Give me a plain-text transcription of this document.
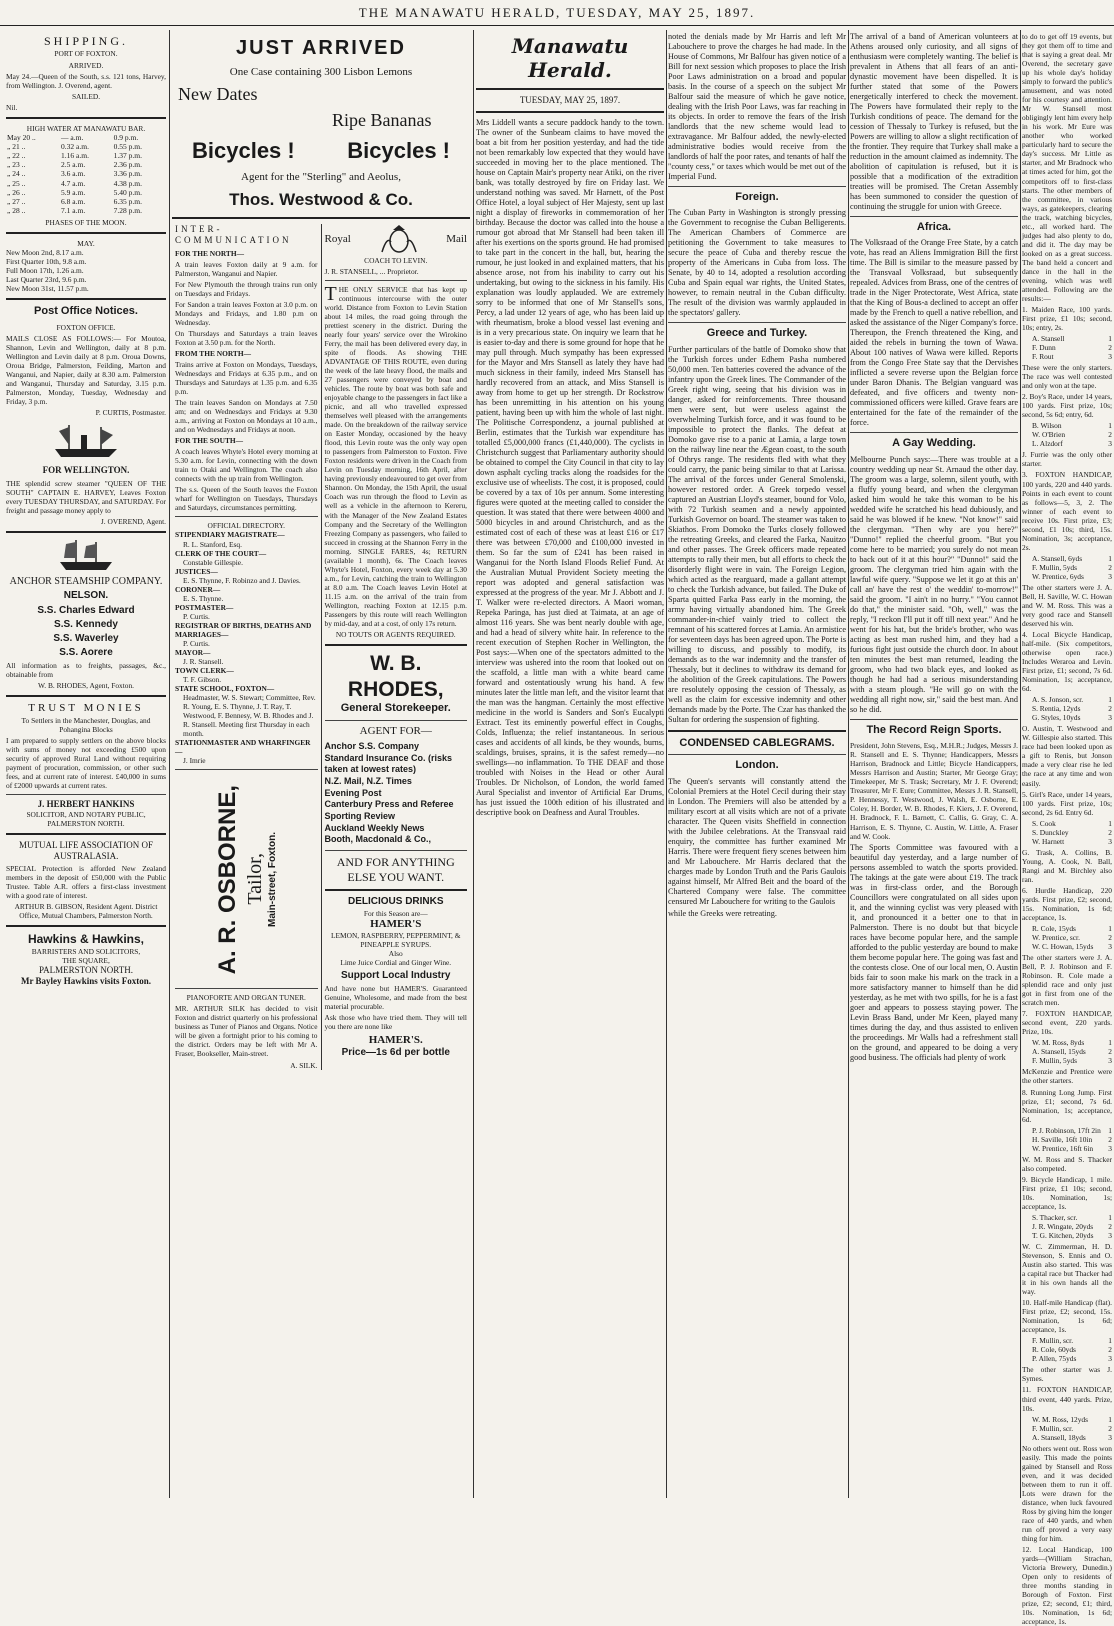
THE MANAWATU HERALD, TUESDAY, MAY 25, 1897.
SHIPPING.
PORT OF FOXTON.
ARRIVED.

May 24.—Queen of the South, s.s. 121 tons, Harvey, from Wellington. J. Overend, agent.

SAILED.

Nil.

HIGH WATER AT MANAWATU BAR.
May 20 ..	— a.m.	0.9 p.m.
„ 21 ..	0.32 a.m.	0.55 p.m.
„ 22 ..	1.16 a.m.	1.37 p.m.
„ 23 ..	2.5 a.m.	2.36 p.m.
„ 24 ..	3.6 a.m.	3.36 p.m.
„ 25 ..	4.7 a.m.	4.38 p.m.
„ 26 ..	5.9 a.m.	5.40 p.m.
„ 27 ..	6.8 a.m.	6.35 p.m.
„ 28 ..	7.1 a.m.	7.28 p.m.
PHASES OF THE MOON.
MAY.
New Moon 2nd, 8.17 a.m.
First Quarter 10th, 9.8 a.m.
Full Moon 17th, 1.26 a.m.
Last Quarter 23rd, 9.6 p.m.
New Moon 31st, 11.57 p.m.
Post Office Notices.
FOXTON OFFICE.

MAILS CLOSE AS FOLLOWS:— For Moutoa, Shannon, Levin and Wellington, daily at 8 p.m. Wellington and Levin daily at 8 p.m. Oroua Downs, Oroua Bridge, Palmerston, Feilding, Marton and Wanganui, and Napier, daily at 8.30 a.m. Palmerston and Wanganui, Thursday and Saturday, 3.15 p.m. Palmerston, Monday, Tuesday, Wednesday and Friday, 3 p.m.

P. CURTIS, Postmaster.
FOR WELLINGTON.

THE splendid screw steamer "QUEEN OF THE SOUTH" CAPTAIN E. HARVEY, Leaves Foxton every TUESDAY THURSDAY, and SATURDAY. For freight and passage money apply to

J. OVEREND, Agent.
ANCHOR STEAMSHIP COMPANY.
NELSON.
S.S. Charles Edward
S.S. Kennedy
S.S. Waverley
S.S. Aorere

All information as to freights, passages, &c., obtainable from

W. B. RHODES, Agent, Foxton.
TRUST MONIES
To Settlers in the Manchester, Douglas, and Pohangina Blocks

I am prepared to supply settlers on the above blocks with sums of money not exceeding £500 upon security of approved Rural Land without requiring payment of procuration, commission, or other such fees, and at current rate of interest. £40,000 in sums of £2000 upwards at current rates.

J. HERBERT HANKINS
SOLICITOR, AND NOTARY PUBLIC, PALMERSTON NORTH.
MUTUAL LIFE ASSOCIATION OF AUSTRALASIA.

SPECIAL Protection is afforded New Zealand members in the deposit of £50,000 with the Public Trustee. Table A.R. offers a first-class investment with a good rate of interest.

ARTHUR B. GIBSON, Resident Agent. District Office, Mutual Chambers, Palmerston North.
Hawkins & Hawkins,
BARRISTERS AND SOLICITORS,
THE SQUARE,
PALMERSTON NORTH.
Mr Bayley Hawkins visits Foxton.
JUST ARRIVED
One Case containing 300 Lisbon Lemons
New Dates
Ripe Bananas
Bicycles ! Bicycles !
Agent for the "Sterling" and Aeolus,
Thos. Westwood & Co.
INTER-COMMUNICATION
FOR THE NORTH—

A train leaves Foxton daily at 9 a.m. for Palmerston, Wanganui and Napier.

For New Plymouth the through trains run only on Tuesdays and Fridays.

For Sandon a train leaves Foxton at 3.0 p.m. on Mondays and Fridays, and 1.80 p.m on Wednesday.

On Thursdays and Saturdays a train leaves Foxton at 3.50 p.m. for the North.

FROM THE NORTH—

Trains arrive at Foxton on Mondays, Tuesdays, Wednesdays and Fridays at 6.35 p.m., and on Thursdays and Saturdays at 1.35 p.m. and 6.35 p.m.

The train leaves Sandon on Mondays at 7.50 am; and on Wednesdays and Fridays at 9.30 a.m., arriving at Foxton on Mondays at 10 a.m., and on Wednesdays and Fridays at noon.

FOR THE SOUTH—

A coach leaves Whyte's Hotel every morning at 5.30 a.m. for Levin, connecting with the down train to Otaki and Wellington. The coach also connects with the up train from Wellington.

The s.s. Queen of the South leaves the Foxton wharf for Wellington on Tuesdays, Thursdays and Saturdays, circumstances permitting.

OFFICIAL DIRECTORY.
STIPENDIARY MAGISTRATE—
R. L. Stanford, Esq.
CLERK OF THE COURT—
Constable Gillespie.
JUSTICES—
E. S. Thynne, F. Robinzo and J. Davies.
CORONER—
E. S. Thynne.
POSTMASTER—
P. Curtis.
REGISTRAR OF BIRTHS, DEATHS AND MARRIAGES—
P. Curtis.
MAYOR—
J. R. Stansell.
TOWN CLERK—
T. F. Gibson.
STATE SCHOOL, FOXTON—
Headmaster, W. S. Stewart; Committee, Rev. R. Young, E. S. Thynne, J. T. Ray, T. Westwood, F. Bennesy, W. B. Rhodes and J. R. Stansell. Meeting first Thursday in each month.
STATIONMASTER AND WHARFINGER—
J. Imrie
A. R. OSBORNE, Tailor, Main-street, Foxton.
PIANOFORTE AND ORGAN TUNER.

MR. ARTHUR SILK has decided to visit Foxton and district quarterly on his professional business as Tuner of Pianos and Organs. Notice will be given a fortnight prior to his coming to the district. Orders may be left with Mr A. Fraser, Bookseller, Main-street.

A. SILK.
Royal	Mail
COACH TO LEVIN.
J. R. STANSELL, ... Proprietor.

THE ONLY SERVICE that has kept up continuous intercourse with the outer world. Distance from Foxton to Levin Station about 14 miles, the road going through the prettiest scenery in the district. During the nearly four years' service over the Wirokino Ferry, the mail has been delivered every day, in spite of floods. As showing THE ADVANTAGE OF THIS ROUTE, even during the week of the late heavy flood, the mails and 27 passengers were conveyed by boat and vehicles. The route by boat was both safe and enjoyable change to the passengers in fact like a picnic, and all who travelled expressed themselves well pleased with the arrangements made. On the breakdown of the railway service on Easter Monday, occasioned by the heavy flood, this Levin route was the only way open to passengers from Palmerston to Foxton. Five Foxton residents were driven in the Coach from Levin on Tuesday morning, 16th April, after having previously endeavoured to get over from Shannon. On Monday, the 15th April, the usual Coach was run through the flood to Levin as well as a vehicle in the afternoon to Kereru, with the Manager of the New Zealand Estates Company and the Secretary of the Wellington Freezing Company as passengers, who failed to succeed in crossing at the Shannon Ferry in the morning. SINGLE FARES, 4s; RETURN (available 1 month), 6s. The Coach leaves Whyte's Hotel, Foxton, every week day at 5.30 a.m., for Levin, catching the train to Wellington at 8.0 a.m. The Coach leaves Levin Hotel at 11.15 a.m. on the arrival of the train from Wellington, reaching Foxton at 12.15 p.m. Passengers by this route will reach Wellington by mid-day, and at a cost, of only 17s return.

NO TOUTS OR AGENTS REQUIRED.
W. B. RHODES,
General Storekeeper.
AGENT FOR—
Anchor S.S. Company
Standard Insurance Co. (risks taken at lowest rates)
N.Z. Mail, N.Z. Times
Evening Post
Canterbury Press and Referee
Sporting Review
Auckland Weekly News
Booth, Macdonald & Co.,
AND FOR ANYTHING ELSE YOU WANT.
DELICIOUS DRINKS
For this Season are—
HAMER'S
LEMON, RASPBERRY, PEPPERMINT, & PINEAPPLE SYRUPS.
Also
Lime Juice Cordial and Ginger Wine.
Support Local Industry

And have none but HAMER'S. Guaranteed Genuine, Wholesome, and made from the best material procurable.

Ask those who have tried them. They will tell you there are none like

HAMER'S.
Price—1s 6d per bottle
Manawatu Herald.
TUESDAY, MAY 25, 1897.

Mrs Liddell wants a secure paddock handy to the town. The owner of the Sunbeam claims to have moved the boat a bit from her position yesterday, and had the tide not been remarkably low expected that they would have succeeded in moving her to the place mentioned. The house on Captain Mair's property near Atiki, on the river bank, was totally destroyed by fire on Friday last. We understand nothing was saved. Mr Harnett, of the Post Office Hotel, a loyal subject of Her Majesty, sent up last night a display of fireworks in commemoration of her birthday. Because the doctor was called into the house a rumour got abroad that Mr Stansell had been taken ill after his exertions on the sports ground. He had promised to take part in the concert in the hall, but, hearing the rumour, he just looked in and explained matters, that his absence arose, not from his inability to carry out his undertaking, but owing to the sickness in his family. His explanation was loudly applauded. We are extremely sorry to be informed that one of Mr Stansell's sons, Percy, a lad under 12 years of age, who has been laid up with rheumatism, broke a blood vessel last evening and is in a very precarious state. On inquiry we learn that he is easier to-day and there is some ground for hope that he may pull through. Much sympathy has been expressed for the Mayor and Mrs Stansell as lately they have had much sickness in their family, indeed Mrs Stansell has hardly recovered from an attack, and Miss Stansell is away from home to get up her strength. Dr Rockstrow has been unremitting in his attention on his young patient, having been up with him the whole of last night. The Politische Correspondenz, a journal published at Berlin, estimates that the Turkish war expenditure has totalled £5,000,000 francs (£1,440,000). The cyclists in Christchurch suggest that Parliamentary authority should be obtained to compel the City Council in that city to lay down asphalt cycling tracks along the roadsides for the exclusive use of wheelists. The cost, it is proposed, could be covered by a tax of 10s per annum. Some interesting figures were quoted at the meeting called to consider the question. It was stated that there were between 4000 and 5000 bicycles in and around Christchurch, and as the estimated cost of each of these was at least £16 or £17 there was between £70,000 and £100,000 invested in them. So far the sum of £241 has been raised in Wanganui for the North Island Floods Relief Fund. At the Australian Mutual Provident Society meeting the report was adopted and general satisfaction was expressed at the progress of the year. Mr J. Abbott and J. T. Walker were re-elected directors. A Maori woman, Repeka Paringa, has just died at Taimata, at an age of almost 116 years. She was bent nearly double with age, and had a head of silvery white hair. In reference to the recent execution of Stephen Rocher in Wellington, the Post says:—When one of the spectators admitted to the interview was ushered into the room that looked out on the scaffold, a little man with a white beard came forward and ostentatiously wrung his hand. A few minutes later the little man left, and the visitor learnt that the man was the hangman. Certainly the most effective medicine in the world is Sanders and Son's Eucalypti Extract. Test its eminently powerful effect in Coughs, Colds, Influenza; the relief instantaneous. In serious cases and accidents of all kinds, be they wounds, burns, scaldings, bruises, sprains, it is the safest remedy—no swellings—no inflammation. To THE DEAF and those troubled with Noises in the Head or other Aural Troubles. Dr Nicholson, of London, the world famed Aural Specialist and inventor of Artificial Ear Drums, has just issued the 100th edition of his illustrated and descriptive book on Deafness and Aural Troubles.

noted the denials made by Mr Harris and left Mr Labouchere to prove the charges he had made. In the House of Commons, Mr Balfour has given notice of a Bill for next session which proposes to place the Irish Poor Laws administration on a broad and popular basis. In the course of a speech on the subject Mr Balfour said the measure of which he gave notice, dealing with the Irish Poor Laws, was far reaching in its objects. In order to remove the fears of the Irish landlords that the new scheme would lead to extravagance. Mr Balfour added, the newly-elected administrative bodies would receive from the landlords of half the poor rates, and tenants of half the "county cess," or taxes which would be met out of the Imperial Fund.

Foreign.

The Cuban Party in Washington is strongly pressing the Government to recognise the Cuban Belligerents. The American Chambers of Commerce are petitioning the Government to take measures to secure the peace of Cuba and thereby rescue the property of the Americans in Cuba from loss. The Senate, by 40 to 14, adopted a resolution according Cuba and Spain equal war rights, the United States, however, to remain neutral in the Cuban difficulty. The result of the division was warmly applauded in the spectators' gallery.

Greece and Turkey.

Further particulars of the battle of Domoko show that the Turkish forces under Edhem Pasha numbered 50,000 men. Ten batteries covered the advance of the infantry upon the Greek lines. The Commander of the Greek right wing, seeing that his division was in danger, asked for reinforcements. Three thousand men were sent, but were useless against the overwhelming Turkish force, and it was found to be impossible to protect the flanks. The defeat at Domoko gave rise to a panic at Lamia, a large town on the railway line near the Ægean coast, to the south of Othrys range. The residents fled with what they could carry, the panic being similar to that at Larissa. The arrival of the forces under General Smolenski, however restored order. A Greek torpedo vessel captured an Austrian Lloyd's steamer, bound for Volo, with 72 Turkish seamen and a newly appointed Turkish Governor on board. The steamer was taken to Skiathos. From Domoko the Turks closely followed the retreating Greeks, and cleared the Farka, Nauitzo and other passes. The Greek officers made repeated attempts to rally their men, but all efforts to check the disorderly flight were in vain. The Foreign Legion, which acted as the rearguard, made a gallant attempt to check the Turkish advance, but failed. The Duke of Sparta quitted Farka Pass early in the morning, the army having virtually abandoned him. The Greek commander-in-chief vainly tried to collect the remnant of his scattered forces at Lamia. An armistice for seventeen days has been agreed upon. The Porte is willing to discuss, and possibly to modify, its demands as to the war indemnity and the transfer of Thessaly, but it declines to withdraw its demand for the abolition of the Greek capitulations. The Powers are resolutely opposing the cession of Thessaly, as well as the claim for excessive indemnity and other demands made by the Porte. The Czar has thanked the Sultan for ordering the suspension of fighting.

CONDENSED CABLEGRAMS.
London.

The Queen's servants will constantly attend the Colonial Premiers at the Hotel Cecil during their stay in London. The Premiers will also be attended by a military escort at all visits which are not of a private character. The Queen visits Sheffield in connection with the Jubilee celebrations. At the Transvaal raid enquiry, the committee has further examined Mr Harris. There were frequent fiery scenes between him and Mr Labouchere. Mr Harris declared that the charges made by London Truth and the Paris Gaulois against himself, Mr Alfred Beit and the board of the Chartered Company were false. The committee censured Mr Labouchere for writing to the Gaulois

while the Greeks were retreating.

The arrival of a band of American volunteers at Athens aroused only curiosity, and all signs of enthusiasm were completely wanting. The belief is prevalent in Athens that all fears of an anti-dynastic movement have been dispelled. It is further stated that some of the Powers energetically interfered to check the movement. The Powers have formulated their reply to the Turkish conditions of peace. The demand for the cession of Thessaly to Turkey is refused, but the Powers are willing to allow a slight rectification of the frontier. They require that Turkey shall make a reduction in the amount claimed as indemnity. The abolition of capitulation is refused, but it is possible that a modification of the extradition treaties will be promised. The Cretan Assembly has been summoned to consider the question of continuing the struggle for union with Greece.

Africa.

The Volksraad of the Orange Free State, by a catch vote, has read an Aliens Immigration Bill the first time. The Bill is similar to the measure passed by the Transvaal Volksraad, but subsequently repealed. Advices from Brass, one of the centres of trade in the Niger Protectorate, West Africa, state that the King of Bous-a declined to accept an offer made by the French to quell a native rebellion, and asked the assistance of the Niger Company's force. Thereupon, the French threatened the King, and aided the rebels in burning the town of Wawa. About 100 natives of Wawa were killed. Reports from the Congo Free State say that the Dervishes inflicted a severe reverse upon the Belgian force under Baron Dhanis. The Belgian vanguard was defeated, and five officers and twenty non-commissioned officers were killed. Grave fears are entertained for the fate of the remainder of the force.

A Gay Wedding.

Melbourne Punch says:—There was trouble at a country wedding up near St. Arnaud the other day. The groom was a large, solemn, silent youth, with a fluffy young beard, and when the clergyman asked him would he take this woman to be his wedded wife he scratched his head dubiously, and said he was blowed if he knew. "Not know!" said the clergyman. "Then why are you here?" "Dunno!" replied the cheerful groom. "But you come here to be married; you surely do not mean to back out of it at this hour?" "Dunno!" said the groom. The clergyman tried him again with the lawful wife query. "Suppose we let it go at this an' call an' have the rest o' the weddin' to-morrow!" said the groom. "I ain't in no hurry." "You cannot do that," the minister said. "Oh, well," was the reply, "I reckon I'll put it off till next year." And he went for his hat, but the bride's brother, who was acting as best man rushed him, and they had a furious fight just outside the church door. In about ten minutes the best man returned, leading the groom, who had two black eyes, and looked as though he had had a serious misunderstanding with a steam plough. "He will go on with the wedding all right now, sir," said the best man. And so he did.

The Record Reign Sports.

President, John Stevens, Esq., M.H.R.; Judges, Messrs J. R. Stansell and E. S. Thynne; Handicappers, Messrs Harrison, Bradnock and Little; Bicycle Handicappers, Messrs Harrison and Austin; Starter, Mr George Gray; Timekeeper, Mr S. Trask; Secretary, Mr J. F. Overend; Treasurer, Mr F. Eure; Committee, Messrs J. R. Stansell, P. Hennessy, T. Westwood, J. Walsh, E. Osborne, E. Coley, H. Border, W. B. Rhodes, F. Kiers, J. F. Overend, H. Bradnock, F. L. Barnett, C. Callis, G. Gray, C. A. Harrison, E. S. Thynne, C. Austin, W. Little, A. Fraser and W. Cook.

The Sports Committee was favoured with a beautiful day yesterday, and a large number of persons assembled to watch the sports provided. The takings at the gate were about £19. The track was in first-class order, and the Borough Councillors were congratulated on all sides upon it, and the winning cyclist was very pleased with it, and pronounced it a better one to that in Palmerston. There is no doubt but that bicycle races have become popular here, and the sample afforded to the public yesterday are bound to make them become popular here. The going was fast and the contests close. One of our local men, O. Austin bids fair to soon make his mark on the track in a more satisfactory manner to himself than he did yesterday, as he met with two spills, for he is a fast goer and appears to possess staying power. The Levin Brass Band, under Mr Keen, played many times during the day, and thus assisted to enliven the proceedings. Mr Walls had a refreshment stall on the ground, and appeared to be doing a very good business. The officials had plenty of work

to do to get off 19 events, but they got them off to time and that is saying a great deal. Mr Overend, the secretary gave up his whole day's holiday simply to forward the public's amusement, and was noted for his courtesy and attention. Mr W. Stansell most obligingly lent him every help in his work. Mr Eure was another who worked particularly hard to secure the day's success. Mr Little as starter, and Mr Bradnock who at times acted for him, got the competitors off to first-class starts. The other members of the committee, in various ways, as gatekeepers, clearing the track, watching bicycles, etc., all worked hard. The judges had also plenty to do, and did it. The day may be looked on as a great success. The band held a concert and dance in the hall in the evening, which was well attended. Following are the results:—

1. Maiden Race, 100 yards. First prize, £1 10s; second, 10s; entry, 2s.

A. Stansell	1
F. Dunn	2
F. Rout	3

These were the only starters. The race was well contested and only won at the tape.

2. Boy's Race, under 14 years, 100 yards. First prize, 10s; second, 5s 6d; entry, 6d.

B. Wilson	1
W. O'Brien	2
L. Alzdorf	3

J. Furrie was the only other starter.

3. FOXTON HANDICAP, 100 yards, 220 and 440 yards. Points in each event to count as follows—5, 3, 2. The winner of each event to receive 10s. First prize, £3; second, £1 10s; third, 15s. Nomination, 3s; acceptance, 2s.

A. Stansell, 6yds	1
F. Mullin, 5yds	2
W. Prentice, 6yds	3

The other starters were J. A. Bell, H. Saville, W. C. Howan and W. M. Ross. This was a very good race and Stansell deserved his win.

4. Local Bicycle Handicap, half-mile. (Six competitors, otherwise open race.) Includes Weraroa and Levin. First prize, £1; second, 7s 6d. Nomination, 1s; acceptance, 6d.

A. S. Jonson, scr.	1
S. Rentia, 12yds	2
G. Styles, 10yds	3

O. Austin, T. Westwood and W. Gillespie also started. This race had been looked upon as a gift to Renis, but Jonson made a very clear rise he led the race at any time and won easily.

5. Girl's Race, under 14 years, 100 yards. First prize, 10s; second, 2s 6d. Entry 6d.

S. Cook	1
S. Dunckley	2
W. Harnett	3

G. Trask, A. Collins, B. Young, A. Cook, N. Ball, Rangi and M. Birchley also ran.

6. Hurdle Handicap, 220 yards. First prize, £2; second, 15s. Nomination, 1s 6d; acceptance, 1s.

R. Cole, 15yds	1
W. Prentice, scr.	2
W. C. Howan, 15yds 3

The other starters were J. A. Bell, P. J. Robinson and F. Robinson. R. Cole made a splendid race and only just got in first from one of the scratch men.

7. FOXTON HANDICAP, second event, 220 yards. Prize, 10s.

W. M. Ross, 8yds	1
A. Stansell, 15yds	2
F. Mullin, 5yds	3

McKenzie and Prentice were the other starters.

8. Running Long Jump. First prize, £1; second, 7s 6d. Nomination, 1s; acceptance, 6d.

P. J. Robinson, 17ft 2in 1
H. Saville, 16ft 10in 2
W. Prentice, 16ft 6in 3

W. M. Ross and S. Thacker also competed.

9. Bicycle Handicap, 1 mile. First prize, £1 10s; second, 10s. Nomination, 1s; acceptance, 1s.

S. Thacker, scr.	1
J. R. Wingate, 20yds 2
T. G. Kitchen, 20yds 3

W. C. Zimmerman, H. D. Stevenson, S. Ennis and O. Austin also started. This was a capital race but Thacker had it in his own hands all the way.

10. Half-mile Handicap (flat). First prize, £2; second, 15s. Nomination, 1s 6d; acceptance, 1s.

F. Mullin, scr.	1
R. Cole, 60yds	2
P. Allen, 75yds	3

The other starter was J. Symes.

11. FOXTON HANDICAP, third event, 440 yards. Prize, 10s.

W. M. Ross, 12yds	1
F. Mullin, scr.	2
A. Stansell, 18yds	3

No others went out. Ross won easily. This made the points gained by Stansell and Ross even, and it was decided between them to run it off. Lots were drawn for the distance, when luck favoured Ross by giving him the longer race of 440 yards, and when run off proved a very easy thing for him.

12. Local Handicap, 100 yards—(William Strachan, Victoria Brewery, Dunedin.) Open only to residents of three months standing in Borough of Foxton. First prize, £2; second, £1; third, 10s. Nomination, 1s 6d; acceptance, 1s.
